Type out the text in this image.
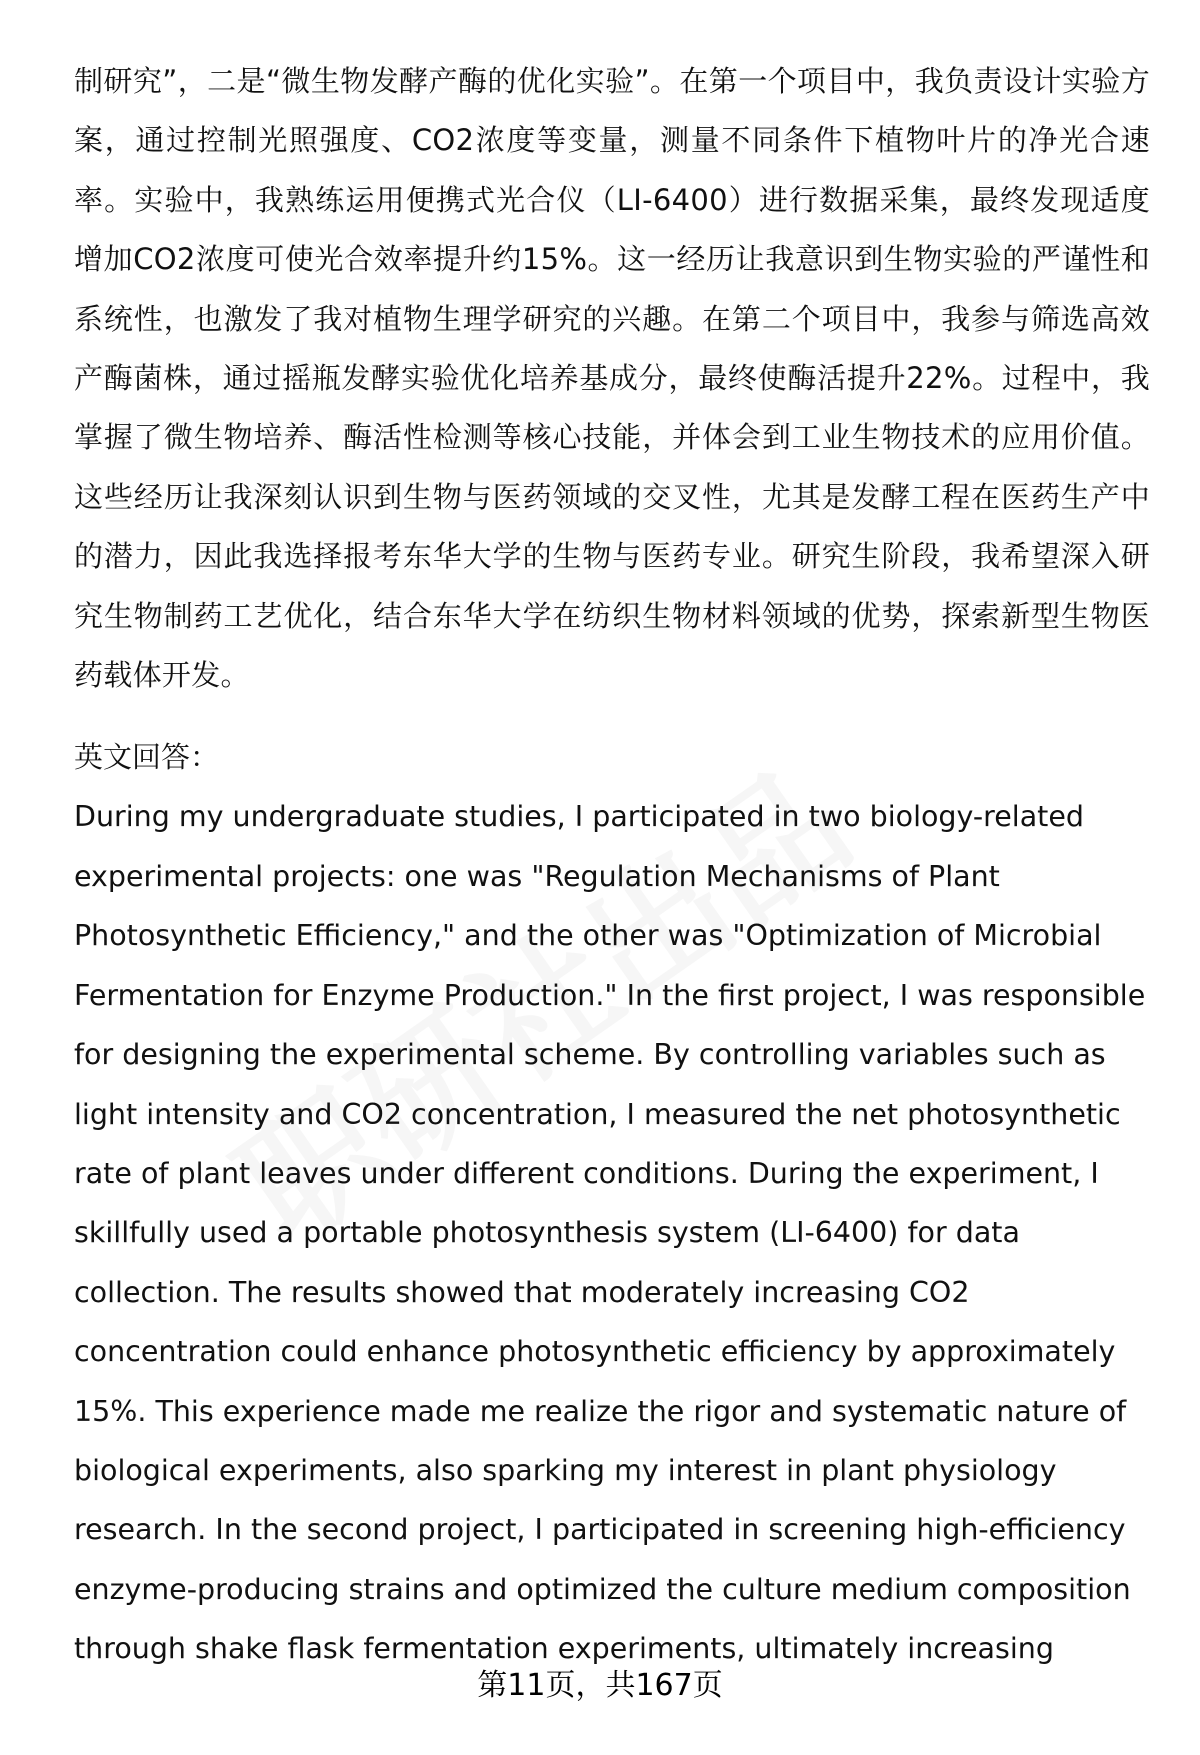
制研究”，二是“微生物发酵产酶的优化实验”。在第一个项目中，我负责设计实验方案，通过控制光照强度、CO2浓度等变量，测量不同条件下植物叶片的净光合速率。实验中，我熟练运用便携式光合仪（LI-6400）进行数据采集，最终发现适度增加CO2浓度可使光合效率提升约15%。这一经历让我意识到生物实验的严谨性和系统性，也激发了我对植物生理学研究的兴趣。在第二个项目中，我参与筛选高效产酶菌株，通过摇瓶发酵实验优化培养基成分，最终使酶活提升22%。过程中，我掌握了微生物培养、酶活性检测等核心技能，并体会到工业生物技术的应用价值。这些经历让我深刻认识到生物与医药领域的交叉性，尤其是发酵工程在医药生产中的潜力，因此我选择报考东华大学的生物与医药专业。研究生阶段，我希望深入研究生物制药工艺优化，结合东华大学在纺织生物材料领域的优势，探索新型生物医药载体开发。

英文回答：

During my undergraduate studies, I participated in two biology-related experimental projects: one was "Regulation Mechanisms of Plant Photosynthetic Efficiency," and the other was "Optimization of Microbial Fermentation for Enzyme Production." In the first project, I was responsible for designing the experimental scheme. By controlling variables such as light intensity and CO2 concentration, I measured the net photosynthetic rate of plant leaves under different conditions. During the experiment, I skillfully used a portable photosynthesis system (LI-6400) for data collection. The results showed that moderately increasing CO2 concentration could enhance photosynthetic efficiency by approximately 15%. This experience made me realize the rigor and systematic nature of biological experiments, also sparking my interest in plant physiology research. In the second project, I participated in screening high-efficiency enzyme-producing strains and optimized the culture medium composition through shake flask fermentation experiments, ultimately increasing

第11页，共167页
